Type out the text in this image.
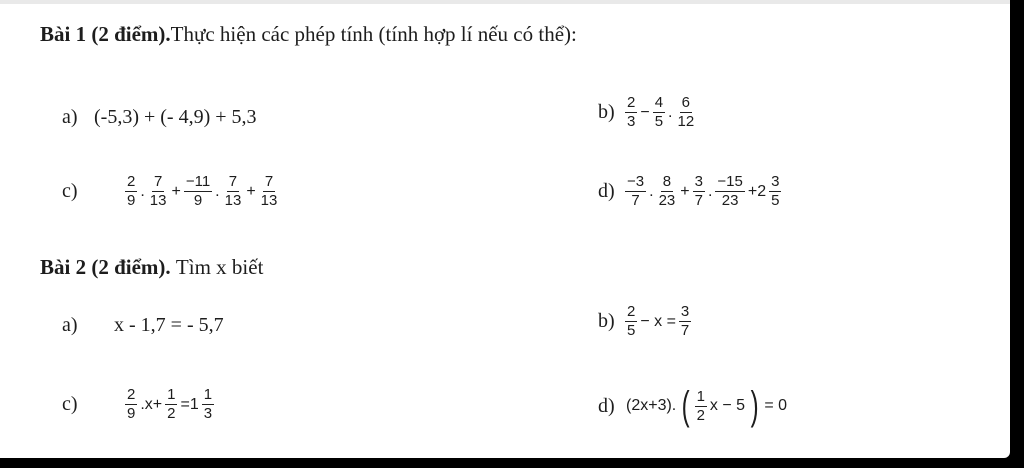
Bài 1 (2 điểm). Thực hiện các phép tính (tính hợp lí nếu có thể):
a) (-5,3) + (- 4,9) + 5,3	b) 2
3
− $\frac{4}{5}$ .
6
12
c)	2
9
.
7
13
+ $\frac{-11}{9}$ .
7
13
+ $\frac{7}{13}$	d) −3
7
.
8
23
+ $\frac{3}{7}$ .
−15
23
+2
3
5
Bài 2 (2 điểm). Tìm x biết
a)	x - 1,7 = - 5,7	b) 2
5
− $x = \frac{3}{7}$
c)	2
9
$.x+ \frac{1}{2} =1$
1
3	d) (2x+3). ( 1
2
x − 5 ) = 0
